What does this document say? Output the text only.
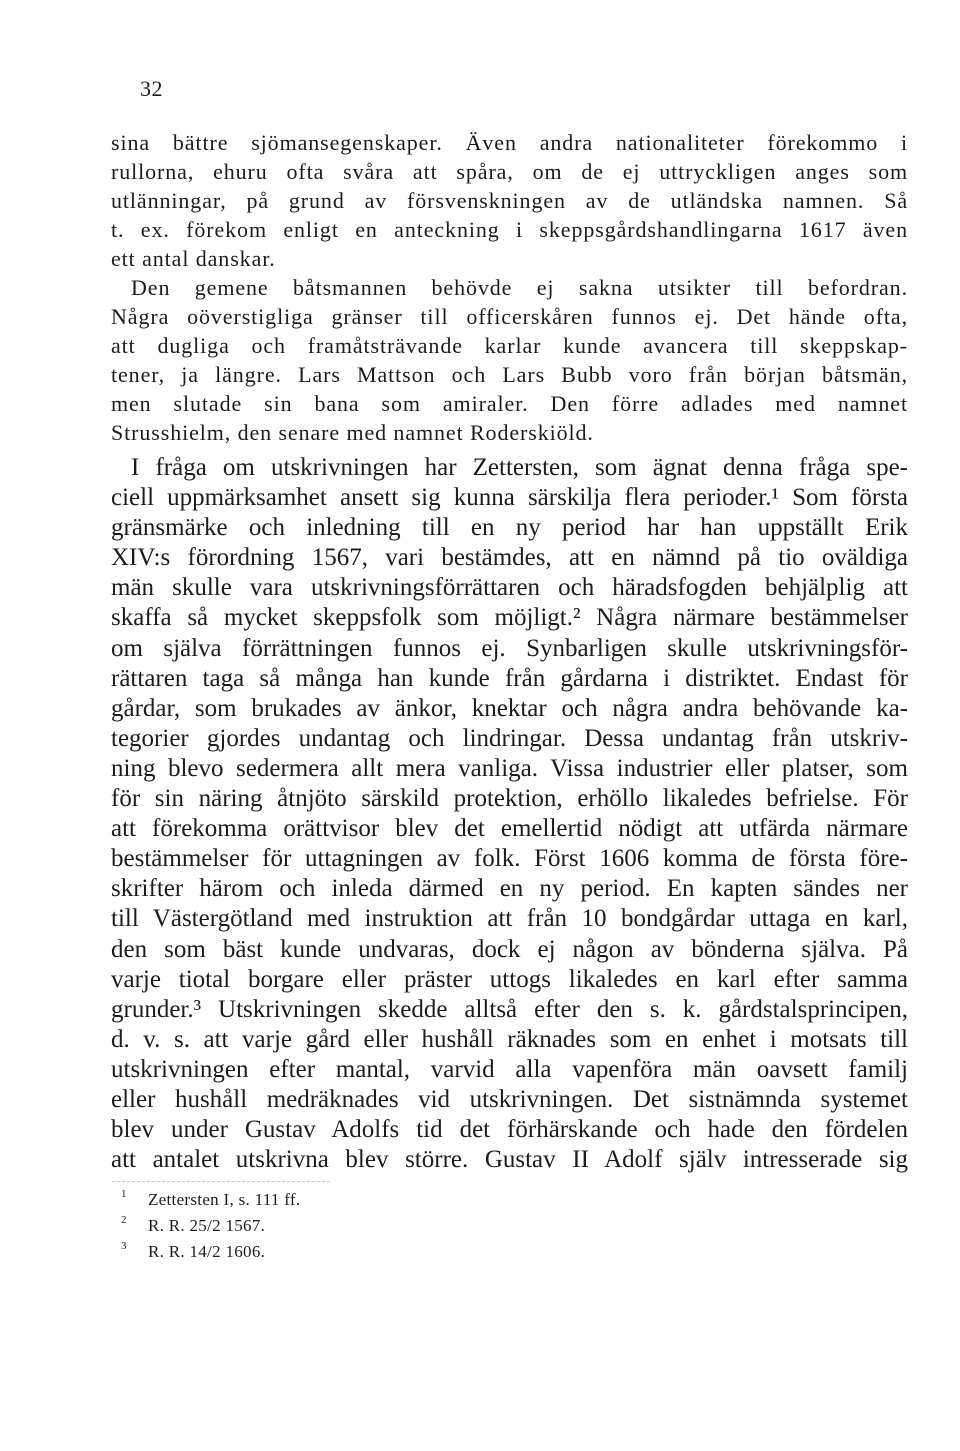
32
sina bättre sjömansegenskaper. Även andra nationaliteter förekommo i
rullorna, ehuru ofta svåra att spåra, om de ej uttryckligen anges som
utlänningar, på grund av försvenskningen av de utländska namnen. Så
t. ex. förekom enligt en anteckning i skeppsgårdshandlingarna 1617 även
ett antal danskar.
Den gemene båtsmannen behövde ej sakna utsikter till befordran.
Några oöverstigliga gränser till officerskåren funnos ej. Det hände ofta,
att dugliga och framåtsträvande karlar kunde avancera till skeppskap-
tener, ja längre. Lars Mattson och Lars Bubb voro från början båtsmän,
men slutade sin bana som amiraler. Den förre adlades med namnet
Strusshielm, den senare med namnet Roderskiöld.
I fråga om utskrivningen har Zettersten, som ägnat denna fråga spe-
ciell uppmärksamhet ansett sig kunna särskilja flera perioder.¹ Som första
gränsmärke och inledning till en ny period har han uppställt Erik
XIV:s förordning 1567, vari bestämdes, att en nämnd på tio oväldiga
män skulle vara utskrivningsförrättaren och häradsfogden behjälplig att
skaffa så mycket skeppsfolk som möjligt.² Några närmare bestämmelser
om själva förrättningen funnos ej. Synbarligen skulle utskrivningsför-
rättaren taga så många han kunde från gårdarna i distriktet. Endast för
gårdar, som brukades av änkor, knektar och några andra behövande ka-
tegorier gjordes undantag och lindringar. Dessa undantag från utskriv-
ning blevo sedermera allt mera vanliga. Vissa industrier eller platser, som
för sin näring åtnjöto särskild protektion, erhöllo likaledes befrielse. För
att förekomma orättvisor blev det emellertid nödigt att utfärda närmare
bestämmelser för uttagningen av folk. Först 1606 komma de första före-
skrifter härom och inleda därmed en ny period. En kapten sändes ner
till Västergötland med instruktion att från 10 bondgårdar uttaga en karl,
den som bäst kunde undvaras, dock ej någon av bönderna själva. På
varje tiotal borgare eller präster uttogs likaledes en karl efter samma
grunder.³ Utskrivningen skedde alltså efter den s. k. gårdstalsprincipen,
d. v. s. att varje gård eller hushåll räknades som en enhet i motsats till
utskrivningen efter mantal, varvid alla vapenföra män oavsett familj
eller hushåll medräknades vid utskrivningen. Det sistnämnda systemet
blev under Gustav Adolfs tid det förhärskande och hade den fördelen
att antalet utskrivna blev större. Gustav II Adolf själv intresserade sig
1 Zettersten I, s. 111 ff.
2 R. R. 25/2 1567.
3 R. R. 14/2 1606.
